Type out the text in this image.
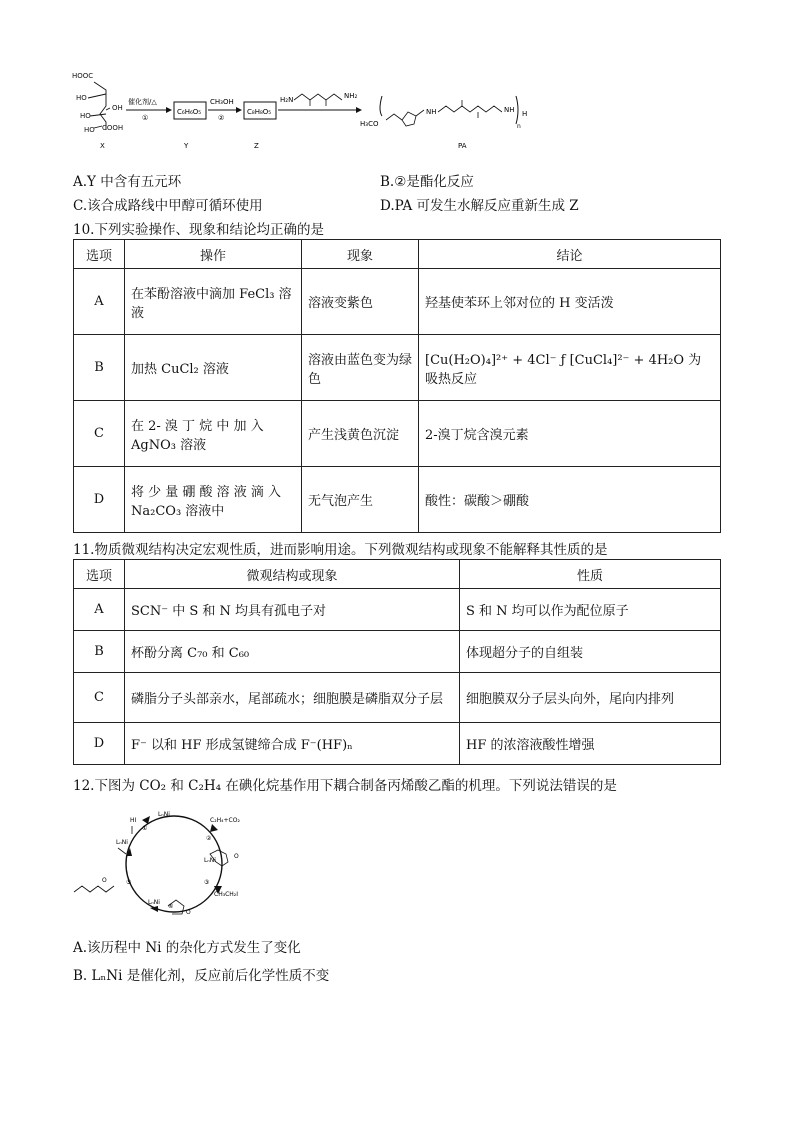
HOOC
HO
OH
HO
HO COOH
催化剂/△
①
C₆H₆O₅
CH₃OH
②
C₈H₈O₅
H₂N	NH₂
H₃CO
NH	NH
n
H
X	Y	Z	PA
A.Y 中含有五元环	B.②是酯化反应
C.该合成路线中甲醇可循环使用	D.PA 可发生水解反应重新生成 Z
10.下列实验操作、现象和结论均正确的是
选项	操作	现象	结论
A	在苯酚溶液中滴加 FeCl₃ 溶液	溶液变紫色	羟基使苯环上邻对位的 H 变活泼
B	加热 CuCl₂ 溶液	溶液由蓝色变为绿色	[Cu(H₂O)₄]²⁺ + 4Cl⁻ ƒ [CuCl₄]²⁻ + 4H₂O 为吸热反应
C	在 2- 溴 丁 烷 中 加 入 AgNO₃ 溶液	产生浅黄色沉淀	2-溴丁烷含溴元素
D	将 少 量 硼 酸 溶 液 滴 入 Na₂CO₃ 溶液中	无气泡产生	酸性：碳酸＞硼酸
11.物质微观结构决定宏观性质，进而影响用途。下列微观结构或现象不能解释其性质的是
选项	微观结构或现象	性质
A	SCN⁻ 中 S 和 N 均具有孤电子对	S 和 N 均可以作为配位原子
B	杯酚分离 C₇₀ 和 C₆₀	体现超分子的自组装
C	磷脂分子头部亲水，尾部疏水；细胞膜是磷脂双分子层	细胞膜双分子层头向外，尾向内排列
D	F⁻ 以和 HF 形成氢键缔合成 F⁻(HF)ₙ	HF 的浓溶液酸性增强
12.下图为 CO₂ 和 C₂H₄ 在碘化烷基作用下耦合制备丙烯酸乙酯的机理。下列说法错误的是
HI
LₙNi
C₂H₄+CO₂
CH₃CH₂I
LₙNi
LₙNi
LₙNi
O
O
O
①
②
③
④
⑤
A.该历程中 Ni 的杂化方式发生了变化
B. LₙNi 是催化剂，反应前后化学性质不变
